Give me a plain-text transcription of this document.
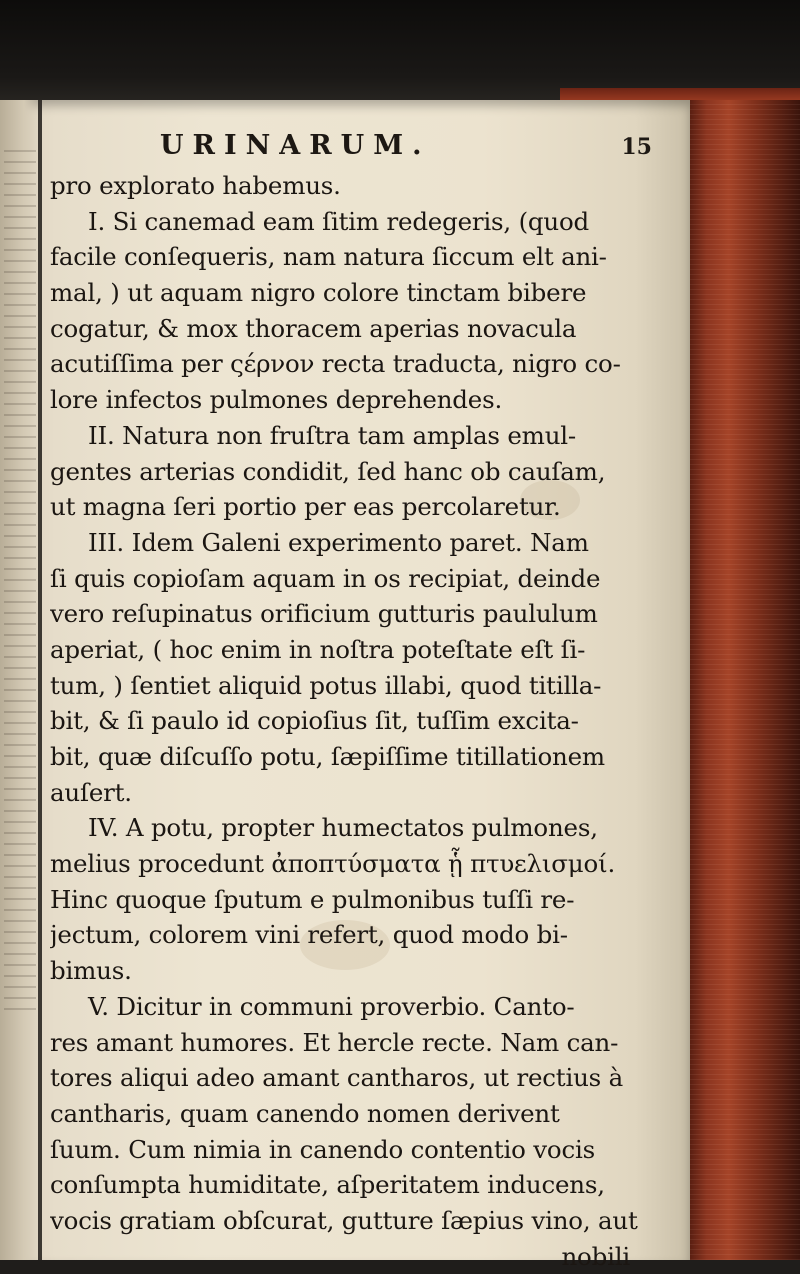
URINARUM.	15
pro explorato habemus.
I. Si canemad eam ſitim redegeris, (quod
facile conſequeris, nam natura ſiccum elt ani-
mal, ) ut aquam nigro colore tinctam bibere
cogatur, & mox thoracem aperias novacula
acutiſſima per ςέρνον recta traducta, nigro co-
lore infectos pulmones deprehendes.
II. Natura non fruſtra tam amplas emul-
gentes arterias condidit, ſed hanc ob cauſam,
ut magna ſeri portio per eas percolaretur.
III. Idem Galeni experimento paret. Nam
ſi quis copioſam aquam in os recipiat, deinde
vero reſupinatus orificium gutturis paululum
aperiat, ( hoc enim in noſtra poteſtate eſt ſi-
tum, ) ſentiet aliquid potus illabi, quod titilla-
bit, & ſi paulo id copioſius ſit, tuſſim excita-
bit, quæ diſcuſſo potu, ſæpiſſime titillationem
auſert.
IV. A potu, propter humectatos pulmones,
melius procedunt ἀποπτύσματα ᾗ πτυελισμοί.
Hinc quoque ſputum e pulmonibus tuſſi re-
jectum, colorem vini refert, quod modo bi-
bimus.
V. Dicitur in communi proverbio. Canto-
res amant humores. Et hercle recte. Nam can-
tores aliqui adeo amant cantharos, ut rectius à
cantharis, quam canendo nomen derivent
ſuum. Cum nimia in canendo contentio vocis
conſumpta humiditate, aſperitatem inducens,
vocis gratiam obſcurat, gutture ſæpius vino, aut
nobili
